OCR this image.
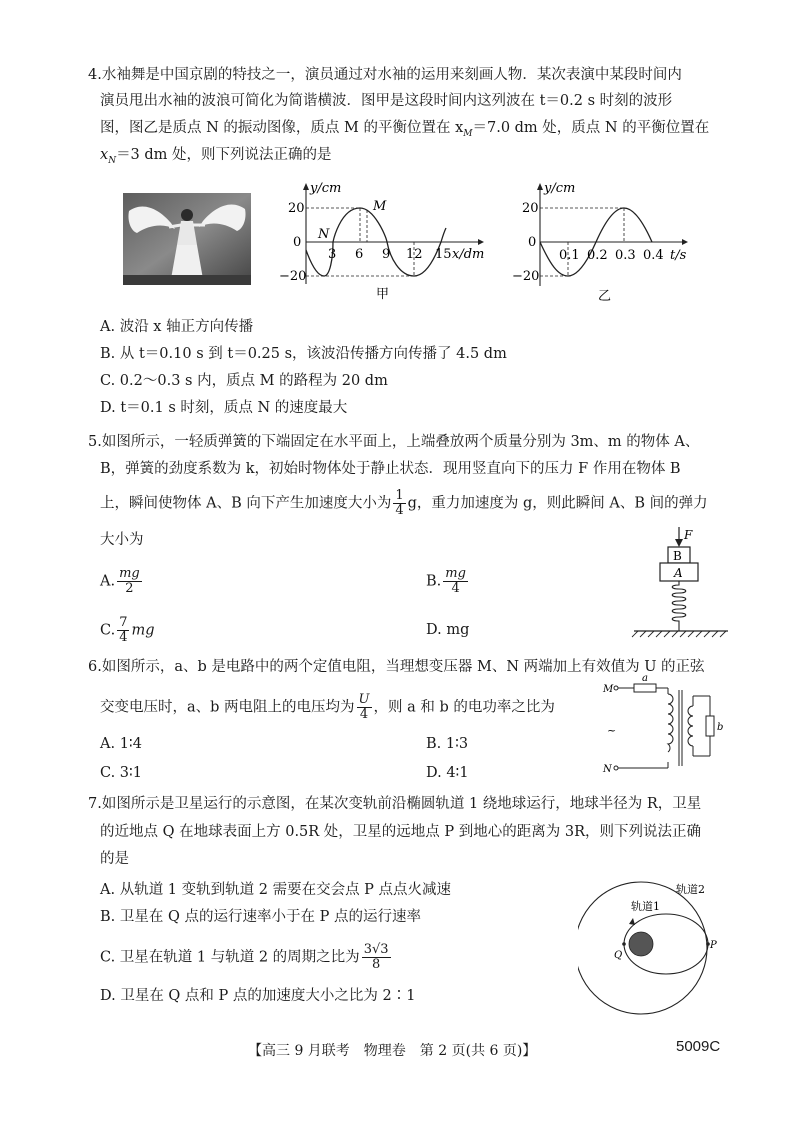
4.水袖舞是中国京剧的特技之一，演员通过对水袖的运用来刻画人物．某次表演中某段时间内
演员甩出水袖的波浪可简化为简谐横波．图甲是这段时间内这列波在 t＝0.2 s 时刻的波形
图，图乙是质点 N 的振动图像，质点 M 的平衡位置在 $x_M=7.0$ dm 处，质点 N 的平衡位置在
$x_N=3$ dm 处，则下列说法正确的是
y/cm
20
0
−20
3 6 9 12 15 x/dm
M
N
甲
y/cm
20
0
−20
0.1 0.2 0.3 0.4 t/s
乙
A. 波沿 x 轴正方向传播
B. 从 t＝0.10 s 到 t＝0.25 s，该波沿传播方向传播了 4.5 dm
C. 0.2～0.3 s 内，质点 M 的路程为 20 dm
D. t＝0.1 s 时刻，质点 N 的速度最大
5.如图所示，一轻质弹簧的下端固定在水平面上，上端叠放两个质量分别为 3m、m 的物体 A、
B，弹簧的劲度系数为 k，初始时物体处于静止状态．现用竖直向下的压力 F 作用在物体 B
上，瞬间使物体 A、B 向下产生加速度大小为 $\frac{1}{4}$ g，重力加速度为 g，则此瞬间 A、B 间的弹力
大小为
A. $\frac{mg}{2}$	B. $\frac{mg}{4}$
C. $\frac{7}{4}$ mg	D. mg
F
B
A
6.如图所示，a、b 是电路中的两个定值电阻，当理想变压器 M、N 两端加上有效值为 U 的正弦
交变电压时，a、b 两电阻上的电压均为 $\frac{U}{4}$ ，则 a 和 b 的电功率之比为
A. 1∶4	B. 1∶3
C. 3∶1	D. 4∶1
M
N
~
a
b
7.如图所示是卫星运行的示意图，在某次变轨前沿椭圆轨道 1 绕地球运行，地球半径为 R，卫星
的近地点 Q 在地球表面上方 0.5R 处，卫星的远地点 P 到地心的距离为 3R，则下列说法正确
的是
A. 从轨道 1 变轨到轨道 2 需要在交会点 P 点点火减速
B. 卫星在 Q 点的运行速率小于在 P 点的运行速率
C. 卫星在轨道 1 与轨道 2 的周期之比为 $\frac{3√3}{8}$
D. 卫星在 Q 点和 P 点的加速度大小之比为 2∶1
轨道2
轨道1
Q
P
【高三 9 月联考　物理卷　第 2 页(共 6 页)】	5009C
